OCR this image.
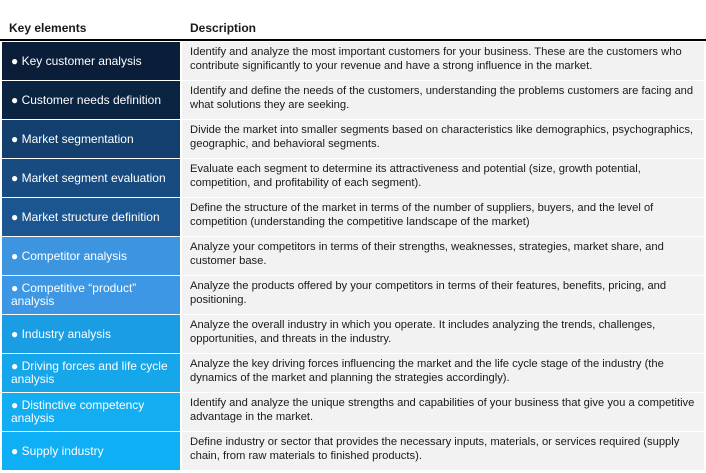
Key elements	Description
● Key customer analysis
Identify and analyze the most important customers for your business. These are the customers who contribute significantly to your revenue and have a strong influence in the market.
● Customer needs definition
Identify and define the needs of the customers, understanding the problems customers are facing and what solutions they are seeking.
● Market segmentation
Divide the market into smaller segments based on characteristics like demographics, psychographics, geographic, and behavioral segments.
● Market segment evaluation
Evaluate each segment to determine its attractiveness and potential (size, growth potential, competition, and profitability of each segment).
● Market structure definition
Define the structure of the market in terms of the number of suppliers, buyers, and the level of competition (understanding the competitive landscape of the market)
● Competitor analysis
Analyze your competitors in terms of their strengths, weaknesses, strategies, market share, and customer base.
● Competitive “product” analysis
Analyze the products offered by your competitors in terms of their features, benefits, pricing, and positioning.
● Industry analysis
Analyze the overall industry in which you operate. It includes analyzing the trends, challenges, opportunities, and threats in the industry.
● Driving forces and life cycle analysis
Analyze the key driving forces influencing the market and the life cycle stage of the industry (the dynamics of the market and planning the strategies accordingly).
● Distinctive competency analysis
Identify and analyze the unique strengths and capabilities of your business that give you a competitive advantage in the market.
● Supply industry
Define industry or sector that provides the necessary inputs, materials, or services required (supply chain, from raw materials to finished products).
